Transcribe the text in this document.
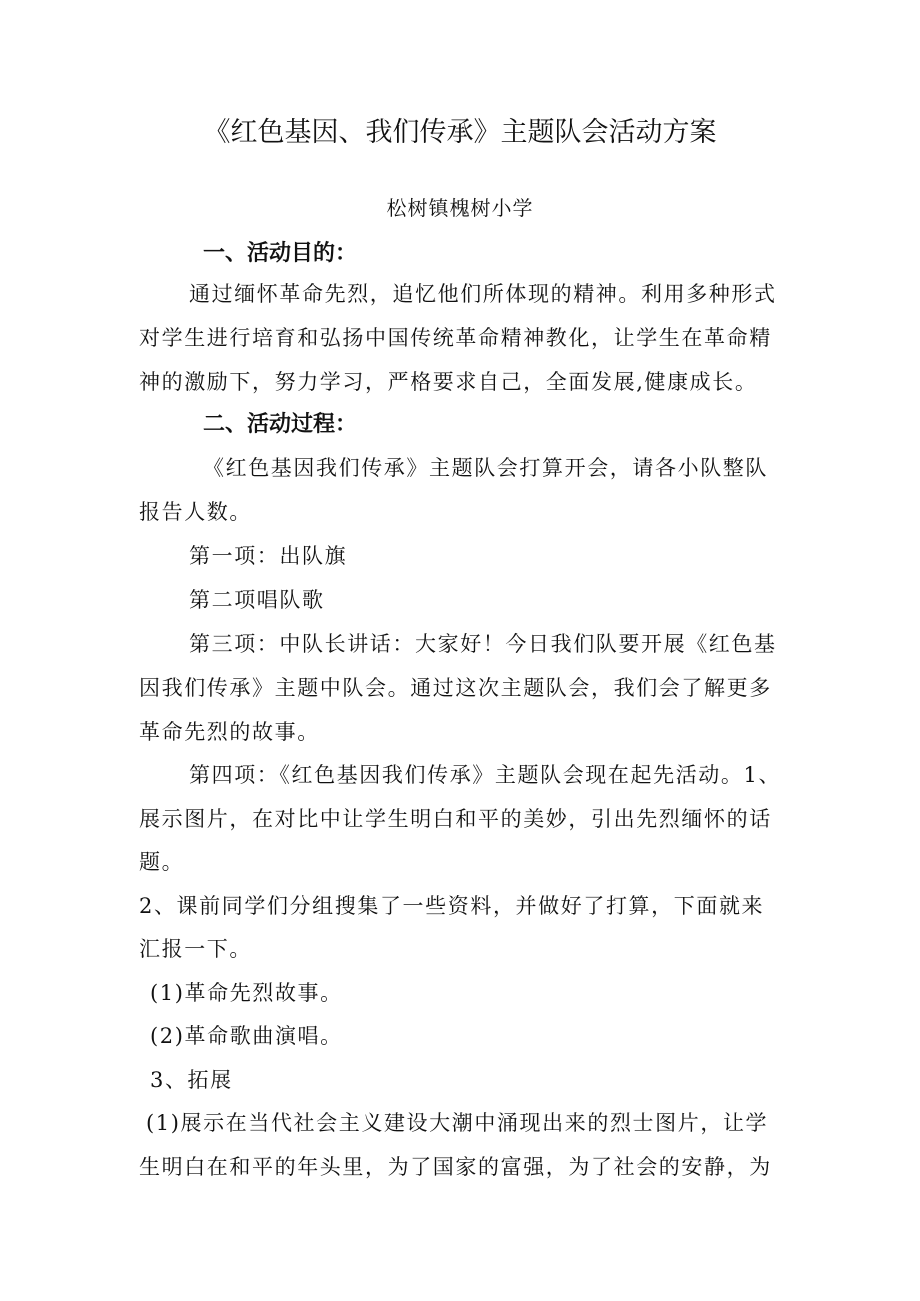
《红色基因、我们传承》主题队会活动方案
松树镇槐树小学
一、活动目的：
通过缅怀革命先烈，追忆他们所体现的精神。利用多种形式
对学生进行培育和弘扬中国传统革命精神教化，让学生在革命精
神的激励下，努力学习，严格要求自己，全面发展,健康成长。
二、活动过程：
《红色基因我们传承》主题队会打算开会，请各小队整队
报告人数。
第一项：出队旗
第二项唱队歌
第三项：中队长讲话：大家好！今日我们队要开展《红色基
因我们传承》主题中队会。通过这次主题队会，我们会了解更多
革命先烈的故事。
第四项：《红色基因我们传承》主题队会现在起先活动。1、
展示图片，在对比中让学生明白和平的美妙，引出先烈缅怀的话
题。
2、课前同学们分组搜集了一些资料，并做好了打算，下面就来
汇报一下。
(1)革命先烈故事。
(2)革命歌曲演唱。
3、拓展
(1)展示在当代社会主义建设大潮中涌现出来的烈士图片，让学
生明白在和平的年头里，为了国家的富强，为了社会的安静，为
